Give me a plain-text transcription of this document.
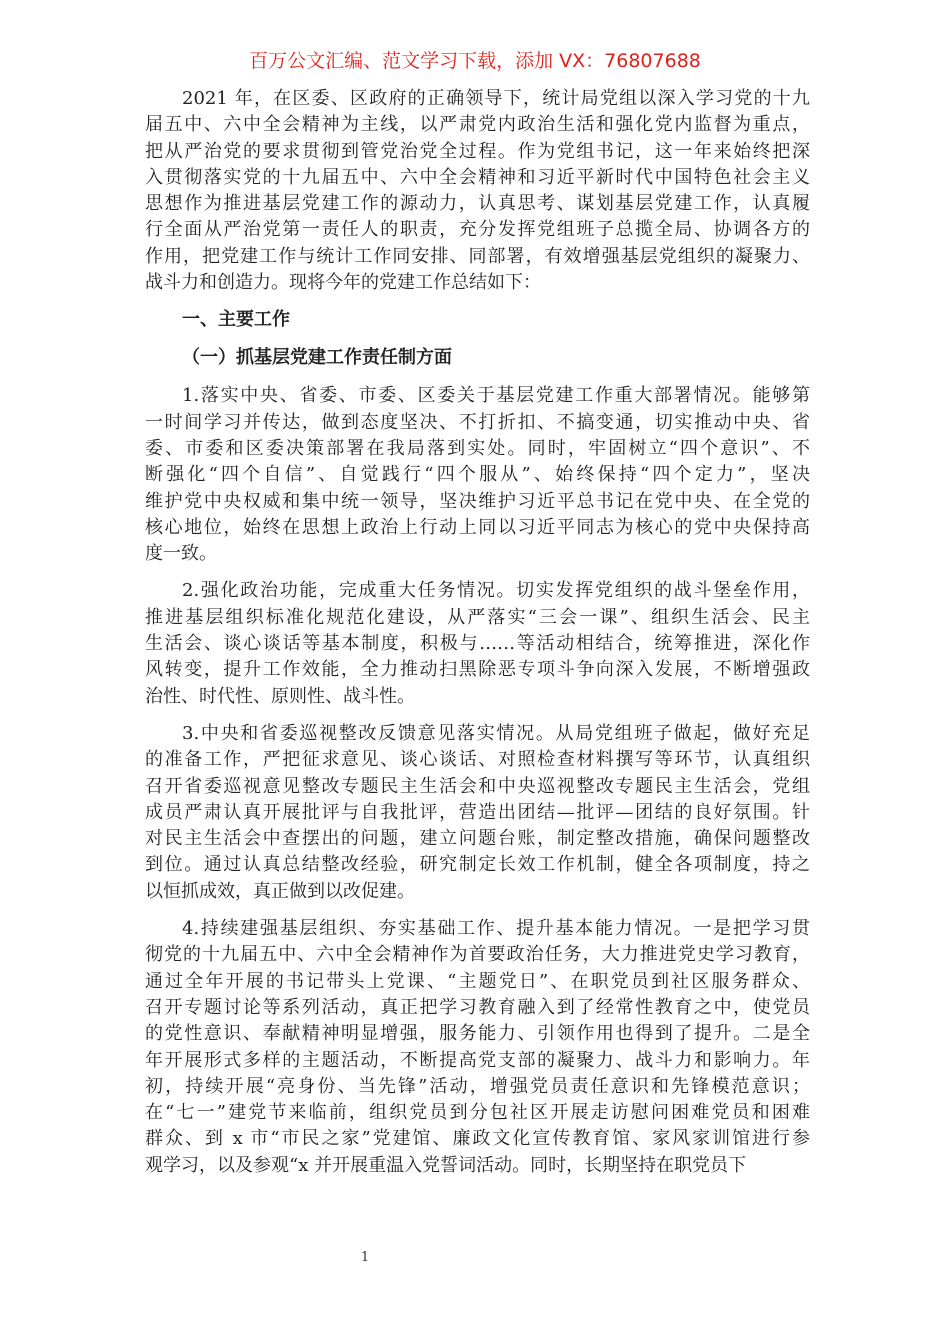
百万公文汇编、范文学习下载，添加 VX：76807688
2021 年，在区委、区政府的正确领导下，统计局党组以深入学习党的十九
届五中、六中全会精神为主线，以严肃党内政治生活和强化党内监督为重点，
把从严治党的要求贯彻到管党治党全过程。作为党组书记，这一年来始终把深
入贯彻落实党的十九届五中、六中全会精神和习近平新时代中国特色社会主义
思想作为推进基层党建工作的源动力，认真思考、谋划基层党建工作，认真履
行全面从严治党第一责任人的职责，充分发挥党组班子总揽全局、协调各方的
作用，把党建工作与统计工作同安排、同部署，有效增强基层党组织的凝聚力、
战斗力和创造力。现将今年的党建工作总结如下：
一、主要工作
（一）抓基层党建工作责任制方面
1.落实中央、省委、市委、区委关于基层党建工作重大部署情况。能够第
一时间学习并传达，做到态度坚决、不打折扣、不搞变通，切实推动中央、省
委、市委和区委决策部署在我局落到实处。同时，牢固树立“四个意识”、不
断强化“四个自信”、自觉践行“四个服从”、始终保持“四个定力”，坚决
维护党中央权威和集中统一领导，坚决维护习近平总书记在党中央、在全党的
核心地位，始终在思想上政治上行动上同以习近平同志为核心的党中央保持高
度一致。
2.强化政治功能，完成重大任务情况。切实发挥党组织的战斗堡垒作用，
推进基层组织标准化规范化建设，从严落实“三会一课”、组织生活会、民主
生活会、谈心谈话等基本制度，积极与……等活动相结合，统筹推进，深化作
风转变，提升工作效能，全力推动扫黑除恶专项斗争向深入发展，不断增强政
治性、时代性、原则性、战斗性。
3.中央和省委巡视整改反馈意见落实情况。从局党组班子做起，做好充足
的准备工作，严把征求意见、谈心谈话、对照检查材料撰写等环节，认真组织
召开省委巡视意见整改专题民主生活会和中央巡视整改专题民主生活会，党组
成员严肃认真开展批评与自我批评，营造出团结—批评—团结的良好氛围。针
对民主生活会中查摆出的问题，建立问题台账，制定整改措施，确保问题整改
到位。通过认真总结整改经验，研究制定长效工作机制，健全各项制度，持之
以恒抓成效，真正做到以改促建。
4.持续建强基层组织、夯实基础工作、提升基本能力情况。一是把学习贯
彻党的十九届五中、六中全会精神作为首要政治任务，大力推进党史学习教育，
通过全年开展的书记带头上党课、“主题党日”、在职党员到社区服务群众、
召开专题讨论等系列活动，真正把学习教育融入到了经常性教育之中，使党员
的党性意识、奉献精神明显增强，服务能力、引领作用也得到了提升。二是全
年开展形式多样的主题活动，不断提高党支部的凝聚力、战斗力和影响力。年
初，持续开展“亮身份、当先锋”活动，增强党员责任意识和先锋模范意识；
在“七一”建党节来临前，组织党员到分包社区开展走访慰问困难党员和困难
群众、到 x 市“市民之家”党建馆、廉政文化宣传教育馆、家风家训馆进行参
观学习，以及参观“x 并开展重温入党誓词活动。同时，长期坚持在职党员下
1
